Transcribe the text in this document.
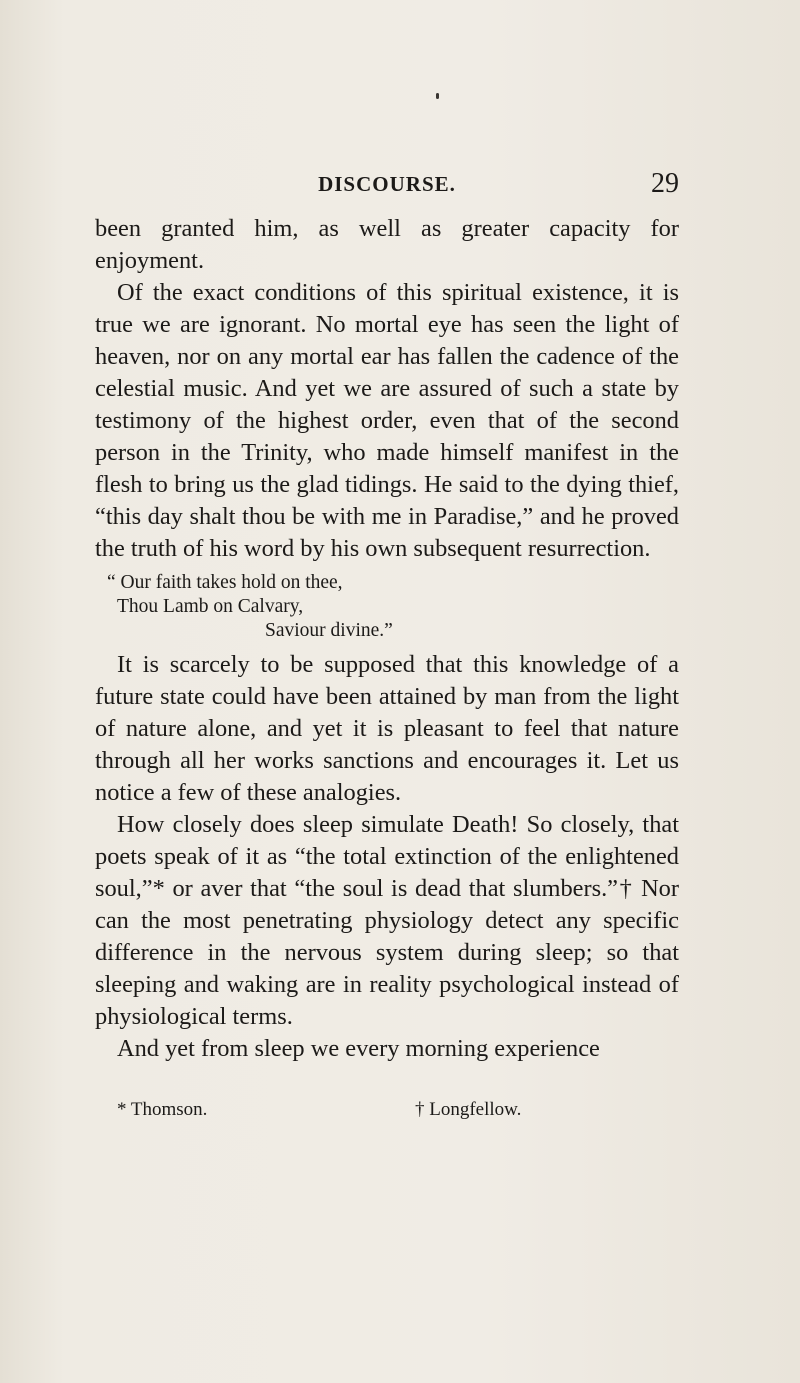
DISCOURSE.	29

been granted him, as well as greater capacity for enjoyment.

Of the exact conditions of this spiritual existence, it is true we are ignorant. No mortal eye has seen the light of heaven, nor on any mortal ear has fallen the cadence of the celestial music. And yet we are assured of such a state by testimony of the highest order, even that of the second person in the Trinity, who made himself manifest in the flesh to bring us the glad tidings. He said to the dying thief, “this day shalt thou be with me in Paradise,” and he proved the truth of his word by his own subsequent resurrection.

“ Our faith takes hold on thee,
Thou Lamb on Calvary,
Saviour divine.”

It is scarcely to be supposed that this knowledge of a future state could have been attained by man from the light of nature alone, and yet it is pleasant to feel that nature through all her works sanctions and encourages it. Let us notice a few of these analogies.

How closely does sleep simulate Death! So closely, that poets speak of it as “the total extinction of the enlightened soul,”* or aver that “the soul is dead that slumbers.”† Nor can the most penetrating physiology detect any specific difference in the nervous system during sleep; so that sleeping and waking are in reality psychological instead of physiological terms.

And yet from sleep we every morning experience

* Thomson.	† Longfellow.
